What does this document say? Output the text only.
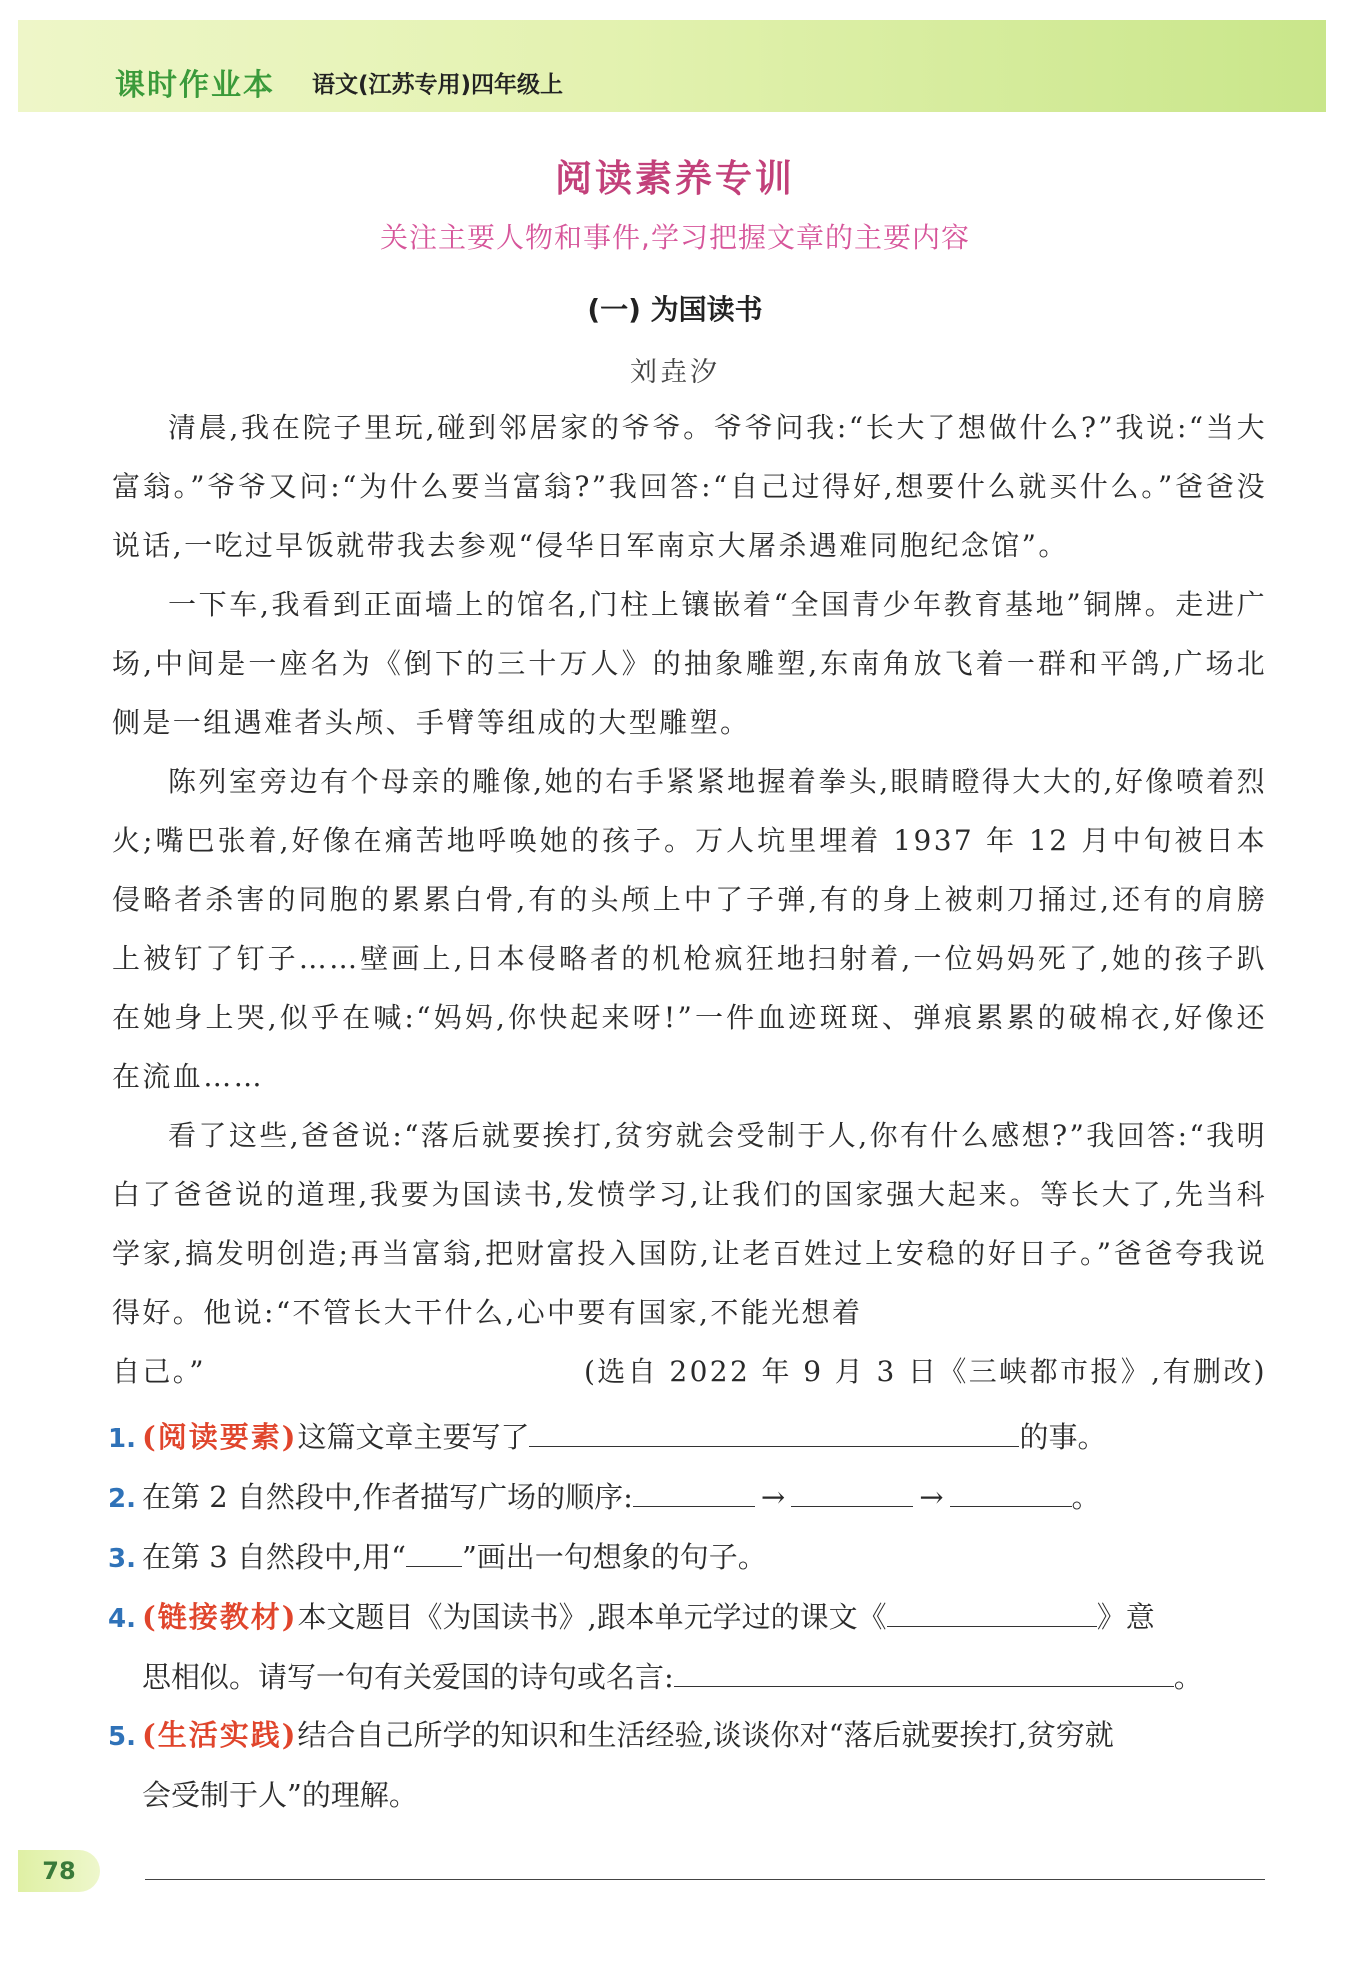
课时作业本 语文(江苏专用)四年级上
阅读素养专训
关注主要人物和事件,学习把握文章的主要内容
(一) 为国读书
刘垚汐

清晨,我在院子里玩,碰到邻居家的爷爷。爷爷问我:“长大了想做什么?”我说:“当大富翁。”爷爷又问:“为什么要当富翁?”我回答:“自己过得好,想要什么就买什么。”爸爸没说话,一吃过早饭就带我去参观“侵华日军南京大屠杀遇难同胞纪念馆”。

一下车,我看到正面墙上的馆名,门柱上镶嵌着“全国青少年教育基地”铜牌。走进广场,中间是一座名为《倒下的三十万人》的抽象雕塑,东南角放飞着一群和平鸽,广场北侧是一组遇难者头颅、手臂等组成的大型雕塑。

陈列室旁边有个母亲的雕像,她的右手紧紧地握着拳头,眼睛瞪得大大的,好像喷着烈火;嘴巴张着,好像在痛苦地呼唤她的孩子。万人坑里埋着 1937 年 12 月中旬被日本侵略者杀害的同胞的累累白骨,有的头颅上中了子弹,有的身上被刺刀捅过,还有的肩膀上被钉了钉子……壁画上,日本侵略者的机枪疯狂地扫射着,一位妈妈死了,她的孩子趴在她身上哭,似乎在喊:“妈妈,你快起来呀!”一件血迹斑斑、弹痕累累的破棉衣,好像还在流血……

看了这些,爸爸说:“落后就要挨打,贫穷就会受制于人,你有什么感想?”我回答:“我明白了爸爸说的道理,我要为国读书,发愤学习,让我们的国家强大起来。等长大了,先当科学家,搞发明创造;再当富翁,把财富投入国防,让老百姓过上安稳的好日子。”爸爸夸我说得好。他说:“不管长大干什么,心中要有国家,不能光想着

自己。”	(选自 2022 年 9 月 3 日《三峡都市报》,有删改)
1. (阅读要素)这篇文章主要写了	的事。
2. 在第 2 自然段中,作者描写广场的顺序:	→	→	。
3. 在第 3 自然段中,用“ ”画出一句想象的句子。
4. (链接教材)本文题目《为国读书》,跟本单元学过的课文《	》意
思相似。请写一句有关爱国的诗句或名言:	。
5. (生活实践)结合自己所学的知识和生活经验,谈谈你对“落后就要挨打,贫穷就
会受制于人”的理解。
78
